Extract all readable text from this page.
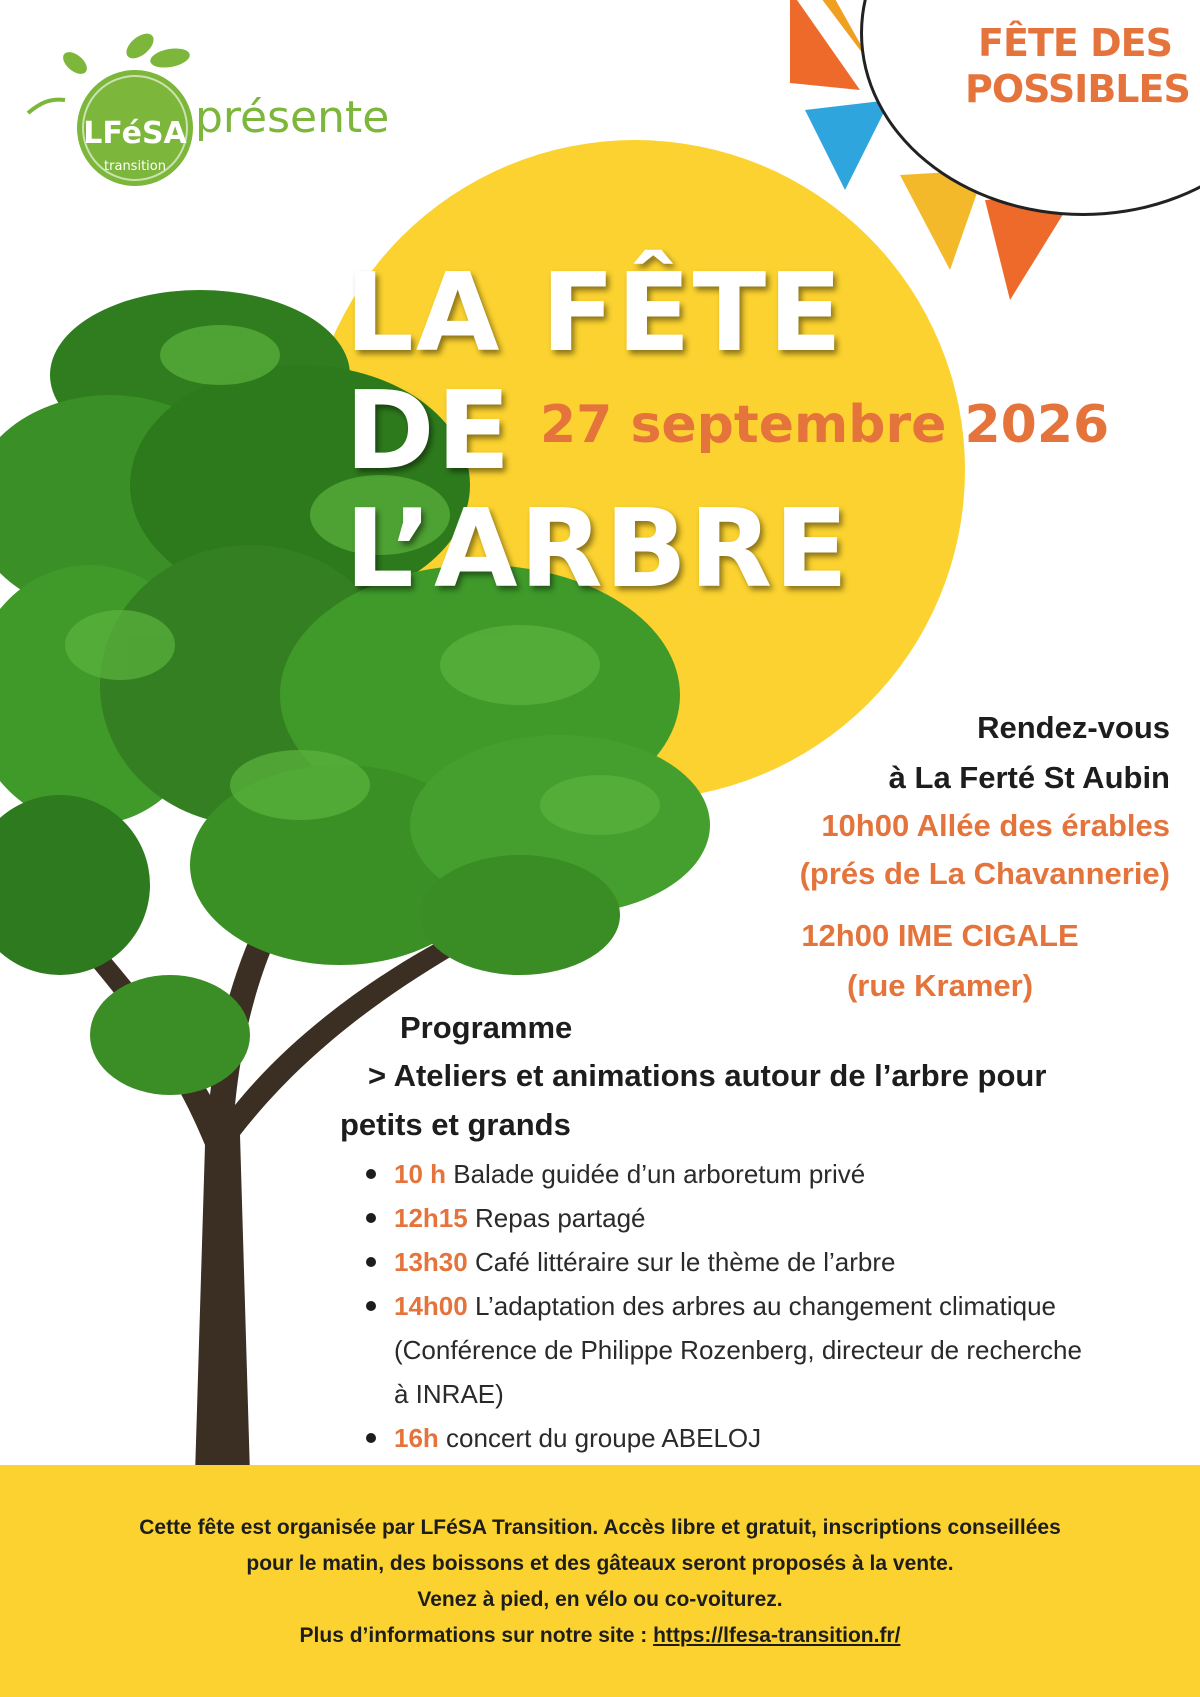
FÊTE DES
POSSIBLES
LFéSA
transition
présente
LA FÊTE
DE
L’ARBRE
27 septembre 2026
Rendez-vous
à La Ferté St Aubin
10h00 Allée des érables
(prés de La Chavannerie)
12h00 IME CIGALE
(rue Kramer)
Programme
> Ateliers et animations autour de l’arbre pour
petits et grands
10 h Balade guidée d’un arboretum privé
12h15 Repas partagé
13h30 Café littéraire sur le thème de l’arbre
14h00 L’adaptation des arbres au changement climatique (Conférence de Philippe Rozenberg, directeur de recherche à INRAE)
16h concert du groupe ABELOJ
Cette fête est organisée par LFéSA Transition. Accès libre et gratuit, inscriptions conseillées
pour le matin, des boissons et des gâteaux seront proposés à la vente.
Venez à pied, en vélo ou co-voiturez.
Plus d’informations sur notre site : https://lfesa-transition.fr/
